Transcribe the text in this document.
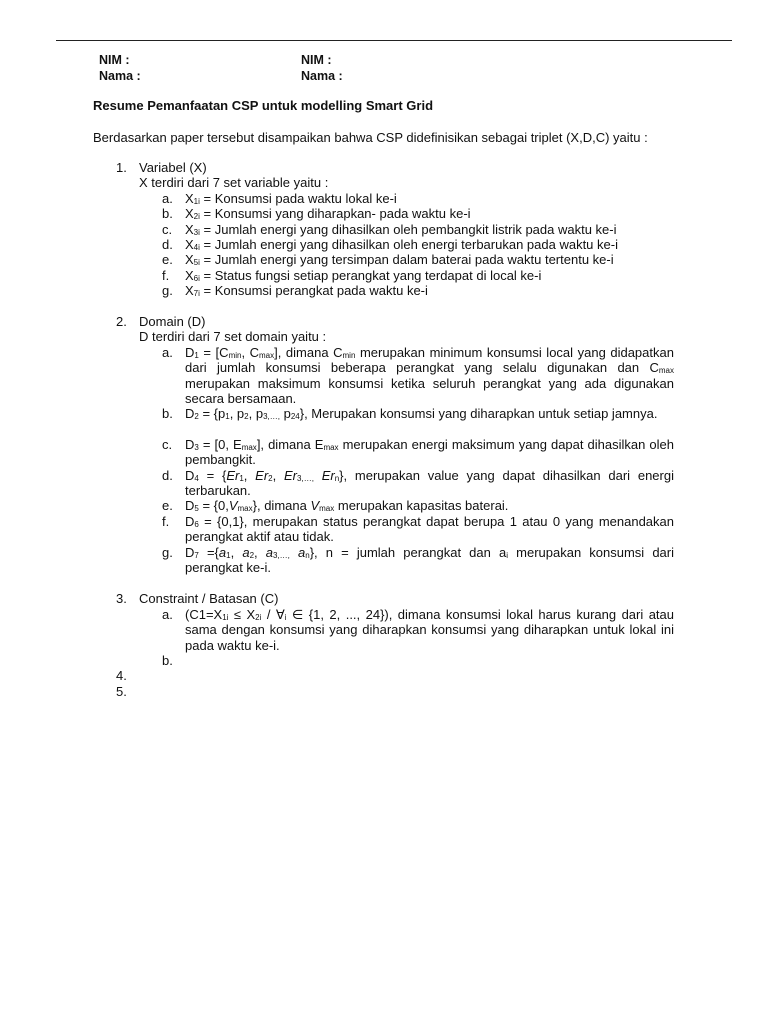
NIM :
Nama :
NIM :
Nama :
Resume Pemanfaatan CSP untuk modelling Smart Grid
Berdasarkan paper tersebut disampaikan bahwa CSP didefinisikan sebagai triplet (X,D,C) yaitu :
1. Variabel (X)
X terdiri dari 7 set variable yaitu :
a. $X_{1i}$ = Konsumsi pada waktu lokal ke-i
b. $X_{2i}$ = Konsumsi yang diharapkan- pada waktu ke-i
c. $X_{3i}$ = Jumlah energi yang dihasilkan oleh pembangkit listrik pada waktu ke-i
d. $X_{4i}$ = Jumlah energi yang dihasilkan oleh energi terbarukan pada waktu ke-i
e. $X_{5i}$ = Jumlah energi yang tersimpan dalam baterai pada waktu tertentu ke-i
f. $X_{6i}$ = Status fungsi setiap perangkat yang terdapat di local ke-i
g. $X_{7i}$ = Konsumsi perangkat pada waktu ke-i
2. Domain (D)
D terdiri dari 7 set domain yaitu :
a. $D_1 = [C_{min}$, $C_{max}$], dimana $C_{min}$ merupakan minimum konsumsi local yang didapatkan dari jumlah konsumsi beberapa perangkat yang selalu digunakan dan $C_{max}$ merupakan maksimum konsumsi ketika seluruh perangkat yang ada digunakan secara bersamaan.
b. $D_2 = \{p_1$, $p_2$, $p_{3,\dots,}$ $p_{24}$}, Merupakan konsumsi yang diharapkan untuk setiap jamnya.
c. $D_3 = [0$, $E_{max}$], dimana $E_{max}$ merupakan energi maksimum yang dapat dihasilkan oleh pembangkit.
d. $D_4 = \{Er_1$, $Er_2$, $Er_{3,\dots,}$ $Er_n$}, merupakan value yang dapat dihasilkan dari energi terbarukan.
e. $D_5 = \{0,V_{max}\}$, dimana $V_{max}$ merupakan kapasitas baterai.
f. $D_6 = \{0,1\}$, merupakan status perangkat dapat berupa 1 atau 0 yang menandakan perangkat aktif atau tidak.
g. $D_7 =\{a_1$, $a_2$, $a_{3,\dots,}$ $a_n$}, n = jumlah perangkat dan $a_i$ merupakan konsumsi dari perangkat ke-i.
3. Constraint / Batasan (C)
a. ($C1=X_{1i} \le X_{2i}$ / $\forall_i$ ∈ {1, 2, ..., 24}), dimana konsumsi lokal harus kurang dari atau sama dengan konsumsi yang diharapkan konsumsi yang diharapkan untuk lokal ini pada waktu ke-i.
b.
4.
5.
